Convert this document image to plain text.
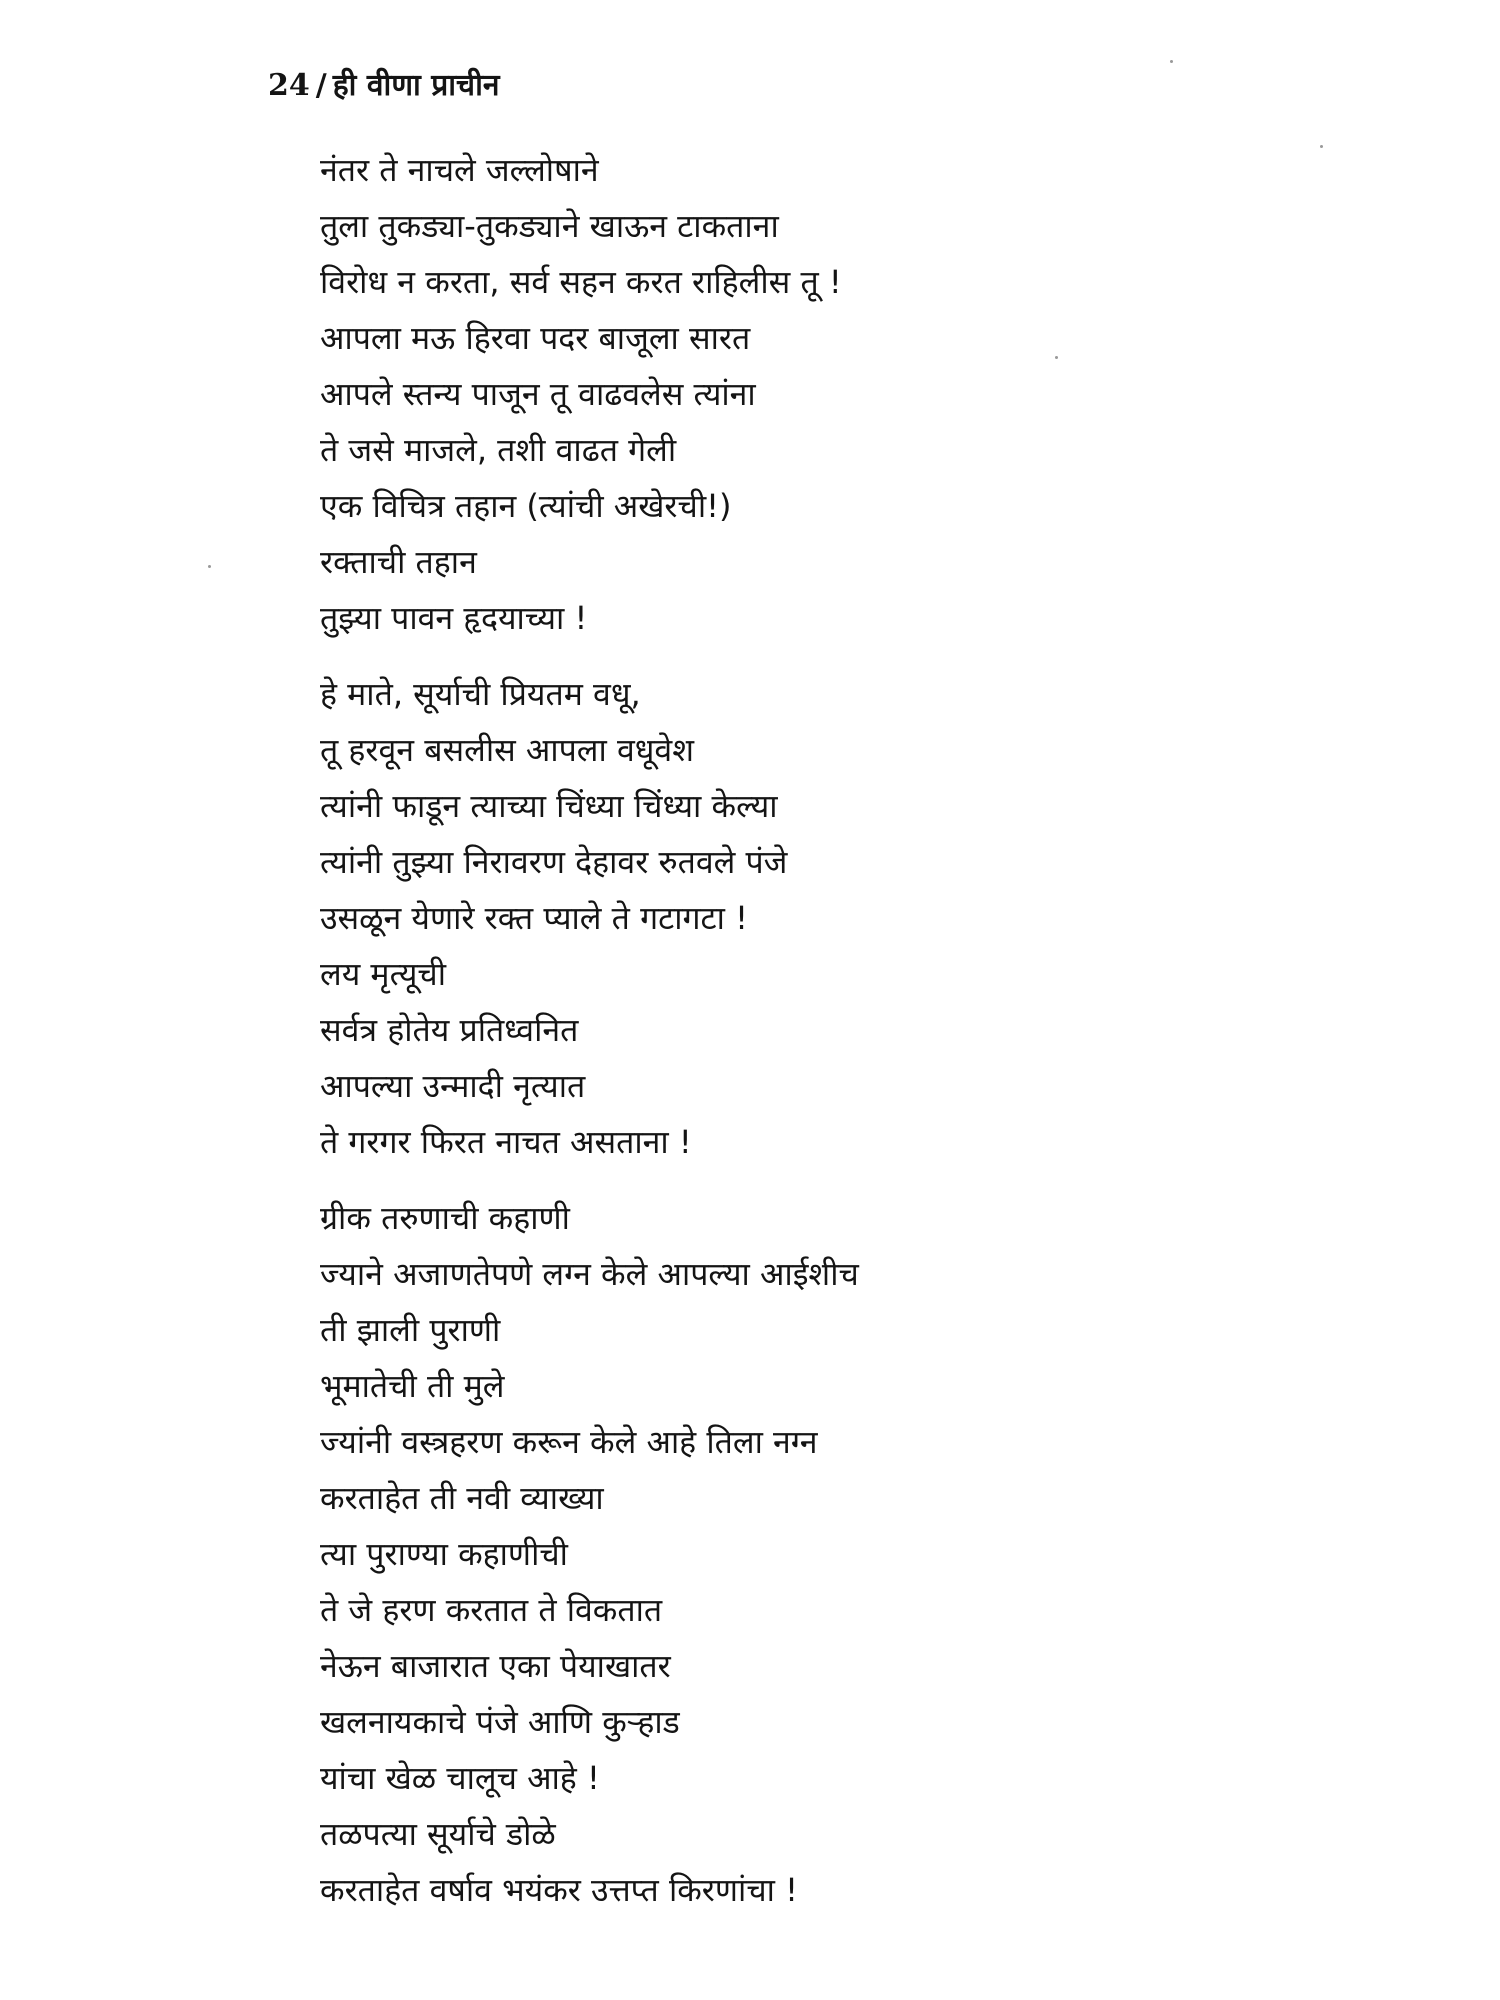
24 / ही वीणा प्राचीन
नंतर ते नाचले जल्लोषाने
तुला तुकड्या-तुकड्याने खाऊन टाकताना
विरोध न करता, सर्व सहन करत राहिलीस तू !
आपला मऊ हिरवा पदर बाजूला सारत
आपले स्तन्य पाजून तू वाढवलेस त्यांना
ते जसे माजले, तशी वाढत गेली
एक विचित्र तहान (त्यांची अखेरची!)
रक्ताची तहान
तुझ्या पावन हृदयाच्या !
हे माते, सूर्याची प्रियतम वधू,
तू हरवून बसलीस आपला वधूवेश
त्यांनी फाडून त्याच्या चिंध्या चिंध्या केल्या
त्यांनी तुझ्या निरावरण देहावर रुतवले पंजे
उसळून येणारे रक्त प्याले ते गटागटा !
लय मृत्यूची
सर्वत्र होतेय प्रतिध्वनित
आपल्या उन्मादी नृत्यात
ते गरगर फिरत नाचत असताना !
ग्रीक तरुणाची कहाणी
ज्याने अजाणतेपणे लग्न केले आपल्या आईशीच
ती झाली पुराणी
भूमातेची ती मुले
ज्यांनी वस्त्रहरण करून केले आहे तिला नग्न
करताहेत ती नवी व्याख्या
त्या पुराण्या कहाणीची
ते जे हरण करतात ते विकतात
नेऊन बाजारात एका पेयाखातर
खलनायकाचे पंजे आणि कुऱ्हाड
यांचा खेळ चालूच आहे !
तळपत्या सूर्याचे डोळे
करताहेत वर्षाव भयंकर उत्तप्त किरणांचा !
